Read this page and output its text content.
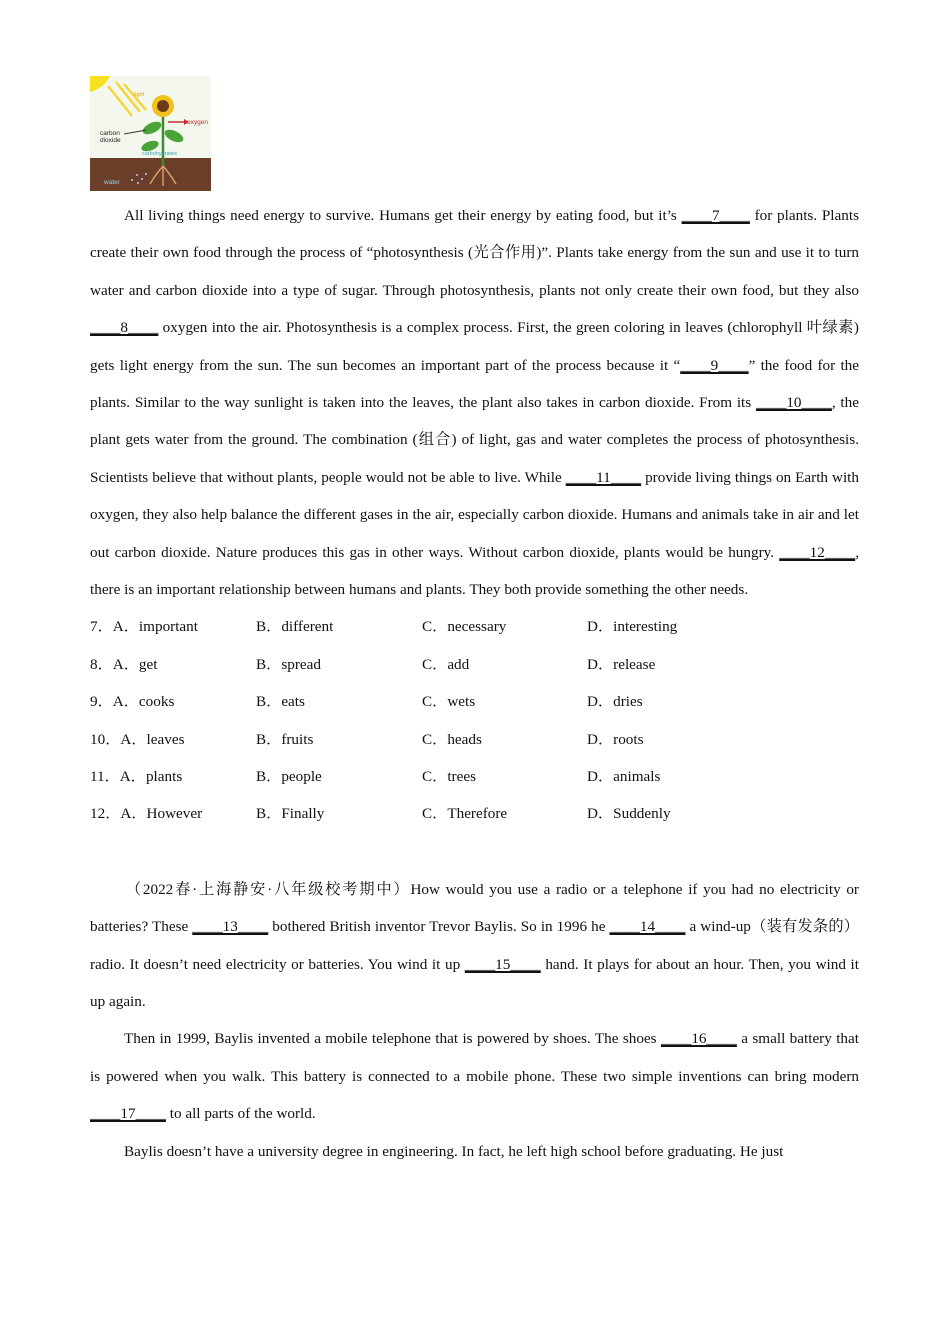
oxygen
light
carbon
dioxide
carbohydrates
water

All living things need energy to survive. Humans get their energy by eating food, but it’s ____7____ for plants. Plants create their own food through the process of “photosynthesis (光合作用)”. Plants take energy from the sun and use it to turn water and carbon dioxide into a type of sugar. Through photosynthesis, plants not only create their own food, but they also ____8____ oxygen into the air. Photosynthesis is a complex process. First, the green coloring in leaves (chlorophyll 叶绿素) gets light energy from the sun. The sun becomes an important part of the process because it “____9____” the food for the plants. Similar to the way sunlight is taken into the leaves, the plant also takes in carbon dioxide. From its ____10____, the plant gets water from the ground. The combination (组合) of light, gas and water completes the process of photosynthesis. Scientists believe that without plants, people would not be able to live. While ____11____ provide living things on Earth with oxygen, they also help balance the different gases in the air, especially carbon dioxide. Humans and animals take in air and let out carbon dioxide. Nature produces this gas in other ways. Without carbon dioxide, plants would be hungry. ____12____, there is an important relationship between humans and plants. They both provide something the other needs.

7．A．important	B．different	C．necessary	D．interesting
8．A．get	B．spread	C．add	D．release
9．A．cooks	B．eats	C．wets	D．dries
10．A．leaves	B．fruits	C．heads	D．roots
11．A．plants	B．people	C．trees	D．animals
12．A．However	B．Finally	C．Therefore	D．Suddenly

（2022春·上海静安·八年级校考期中）How would you use a radio or a telephone if you had no electricity or batteries? These ____13____ bothered British inventor Trevor Baylis. So in 1996 he ____14____ a wind-up（装有发条的）radio. It doesn’t need electricity or batteries. You wind it up ____15____ hand. It plays for about an hour. Then, you wind it up again.

Then in 1999, Baylis invented a mobile telephone that is powered by shoes. The shoes ____16____ a small battery that is powered when you walk. This battery is connected to a mobile phone. These two simple inventions can bring modern ____17____ to all parts of the world.

Baylis doesn’t have a university degree in engineering. In fact, he left high school before graduating. He just
